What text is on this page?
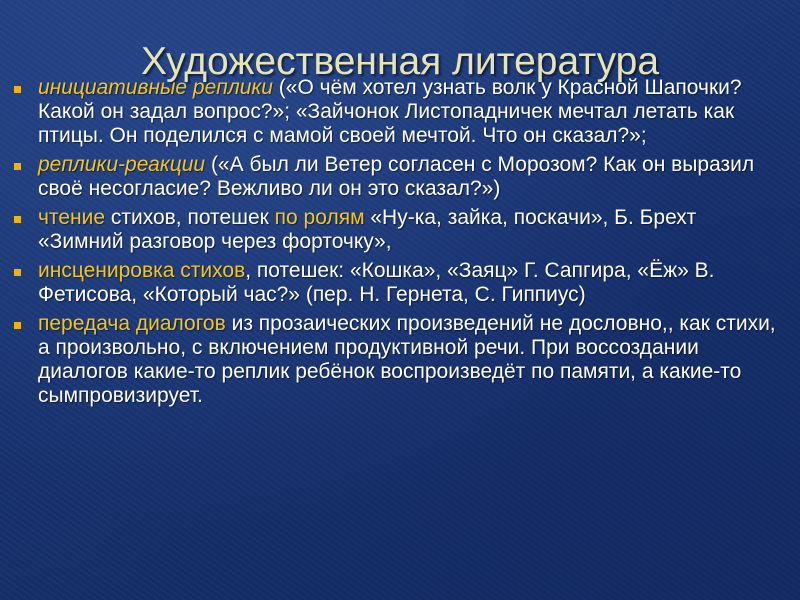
Художественная литература
инициативные реплики («О чём хотел узнать волк у Красной Шапочки? Какой он задал вопрос?»; «Зайчонок Листопадничек мечтал летать как птицы. Он поделился с мамой своей мечтой. Что он сказал?»;
реплики-реакции («А был ли Ветер согласен с Морозом? Как он выразил своё несогласие? Вежливо ли он это сказал?»)
чтение стихов, потешек по ролям «Ну-ка, зайка, поскачи», Б. Брехт «Зимний разговор через форточку»,
инсценировка стихов, потешек: «Кошка», «Заяц» Г. Сапгира, «Ёж» В. Фетисова, «Который час?» (пер. Н. Гернета, С. Гиппиус)
передача диалогов из прозаических произведений не дословно,, как стихи, а произвольно, с включением продуктивной речи. При воссоздании диалогов какие-то реплик ребёнок воспроизведёт по памяти, а какие-то сымпровизирует.
